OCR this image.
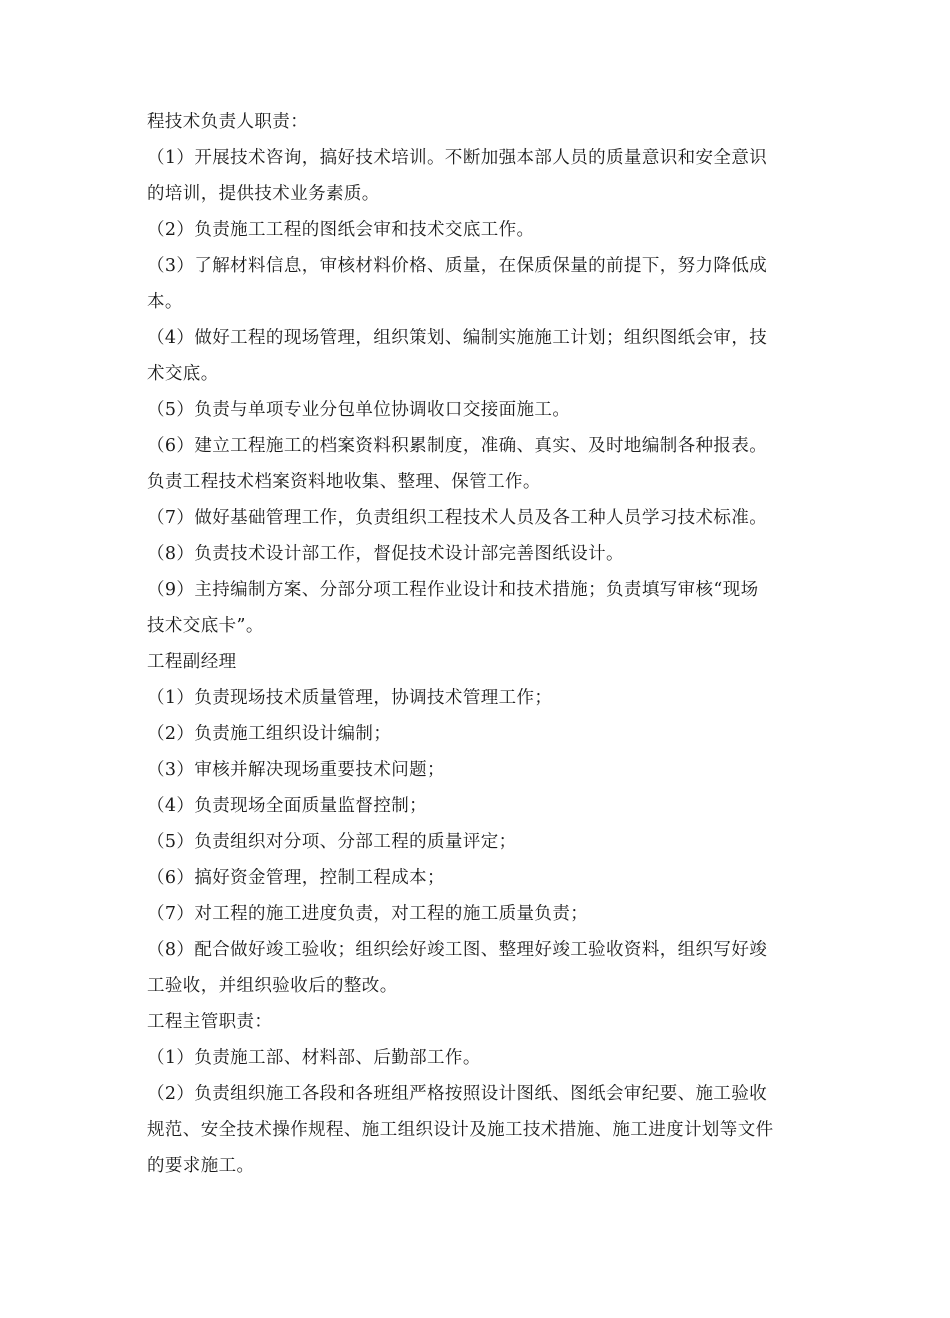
程技术负责人职责：
（1）开展技术咨询，搞好技术培训。不断加强本部人员的质量意识和安全意识
的培训，提供技术业务素质。
（2）负责施工工程的图纸会审和技术交底工作。
（3）了解材料信息，审核材料价格、质量，在保质保量的前提下，努力降低成
本。
（4）做好工程的现场管理，组织策划、编制实施施工计划；组织图纸会审，技
术交底。
（5）负责与单项专业分包单位协调收口交接面施工。
（6）建立工程施工的档案资料积累制度，准确、真实、及时地编制各种报表。
负责工程技术档案资料地收集、整理、保管工作。
（7）做好基础管理工作，负责组织工程技术人员及各工种人员学习技术标准。
（8）负责技术设计部工作，督促技术设计部完善图纸设计。
（9）主持编制方案、分部分项工程作业设计和技术措施；负责填写审核“现场
技术交底卡”。
工程副经理
（1）负责现场技术质量管理，协调技术管理工作；
（2）负责施工组织设计编制；
（3）审核并解决现场重要技术问题；
（4）负责现场全面质量监督控制；
（5）负责组织对分项、分部工程的质量评定；
（6）搞好资金管理，控制工程成本；
（7）对工程的施工进度负责，对工程的施工质量负责；
（8）配合做好竣工验收；组织绘好竣工图、整理好竣工验收资料，组织写好竣
工验收，并组织验收后的整改。
工程主管职责：
（1）负责施工部、材料部、后勤部工作。
（2）负责组织施工各段和各班组严格按照设计图纸、图纸会审纪要、施工验收
规范、安全技术操作规程、施工组织设计及施工技术措施、施工进度计划等文件
的要求施工。
